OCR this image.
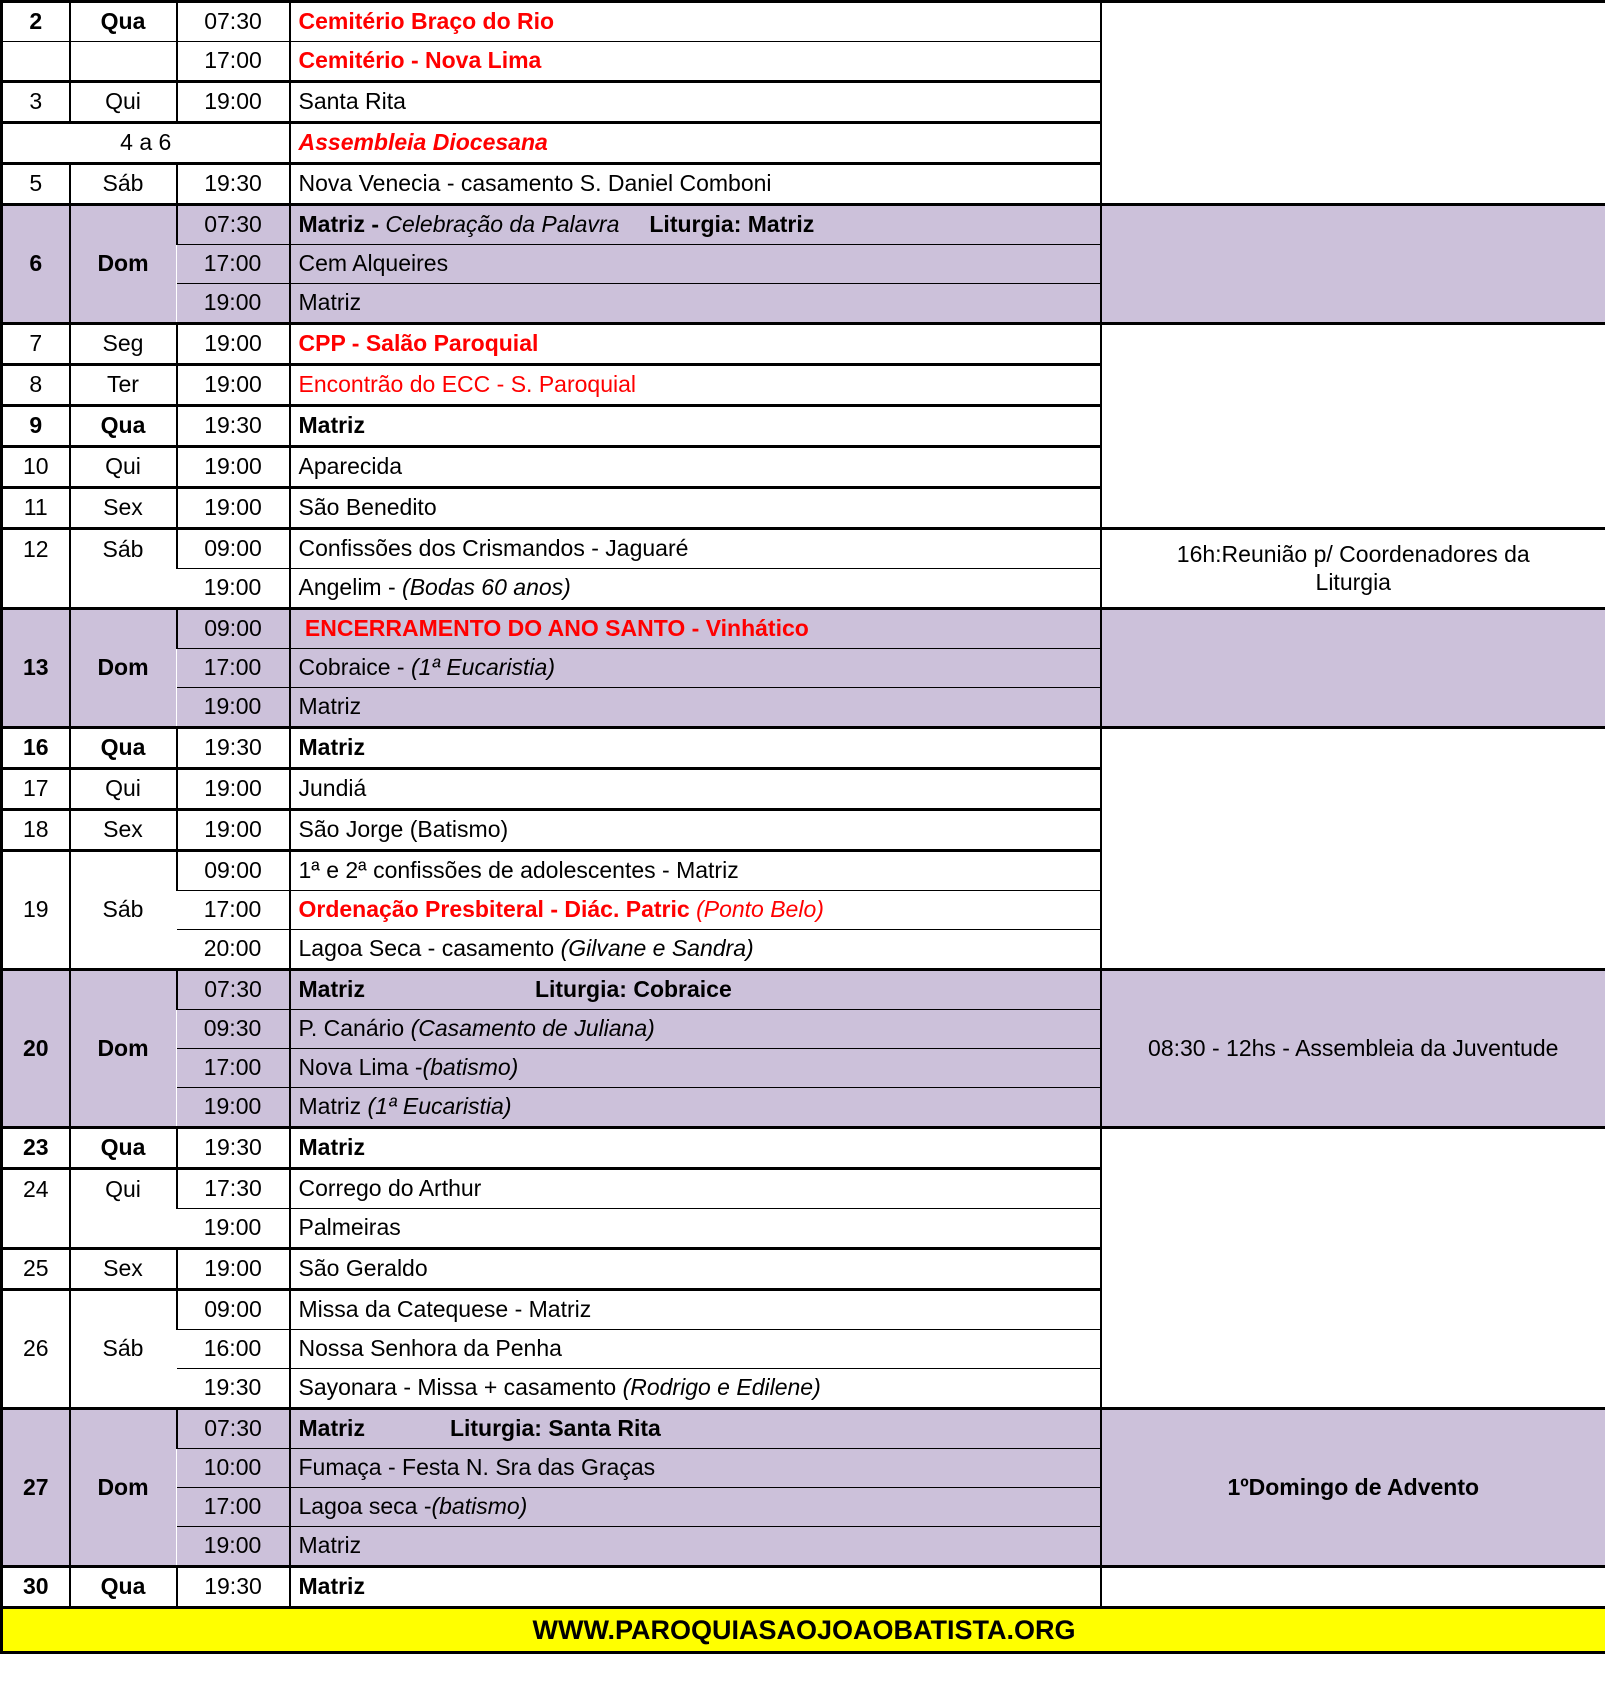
2	Qua	07:30	Cemitério Braço do Rio	
		17:00	Cemitério - Nova Lima	
3	Qui	19:00	Santa Rita	
4 a 6			Assembleia Diocesana	
5	Sáb	19:30	Nova Venecia - casamento S. Daniel Comboni	
6	Dom	07:30	Matriz - Celebração da Palavra Liturgia: Matriz	
		17:00	Cem Alqueires	
		19:00	Matriz	
7	Seg	19:00	CPP - Salão Paroquial	
8	Ter	19:00	Encontrão do ECC - S. Paroquial	
9	Qua	19:30	Matriz	
10	Qui	19:00	Aparecida	
11	Sex	19:00	São Benedito	
12	Sáb	09:00	Confissões dos Crismandos - Jaguaré	16h:Reunião p/ Coordenadores da Liturgia
		19:00	Angelim - (Bodas 60 anos)	
13	Dom	09:00	ENCERRAMENTO DO ANO SANTO - Vinhático	
		17:00	Cobraice - (1ª Eucaristia)	
		19:00	Matriz	
16	Qua	19:30	Matriz	
17	Qui	19:00	Jundiá	
18	Sex	19:00	São Jorge (Batismo)	
19	Sáb	09:00	1ª e 2ª confissões de adolescentes - Matriz	
		17:00	Ordenação Presbiteral - Diác. Patric (Ponto Belo)	
		20:00	Lagoa Seca - casamento (Gilvane e Sandra)	
20	Dom	07:30	Matriz Liturgia: Cobraice	08:30 - 12hs - Assembleia da Juventude
		09:30	P. Canário (Casamento de Juliana)	
		17:00	Nova Lima -(batismo)	
		19:00	Matriz (1ª Eucaristia)	
23	Qua	19:30	Matriz	
24	Qui	17:30	Corrego do Arthur	
		19:00	Palmeiras	
25	Sex	19:00	São Geraldo	
26	Sáb	09:00	Missa da Catequese - Matriz	
		16:00	Nossa Senhora da Penha	
		19:30	Sayonara - Missa + casamento (Rodrigo e Edilene)	
27	Dom	07:30	Matriz Liturgia: Santa Rita	1ºDomingo de Advento
		10:00	Fumaça - Festa N. Sra das Graças	
		17:00	Lagoa seca -(batismo)	
		19:00	Matriz	
30	Qua	19:30	Matriz	
WWW.PAROQUIASAOJOAOBATISTA.ORG				
